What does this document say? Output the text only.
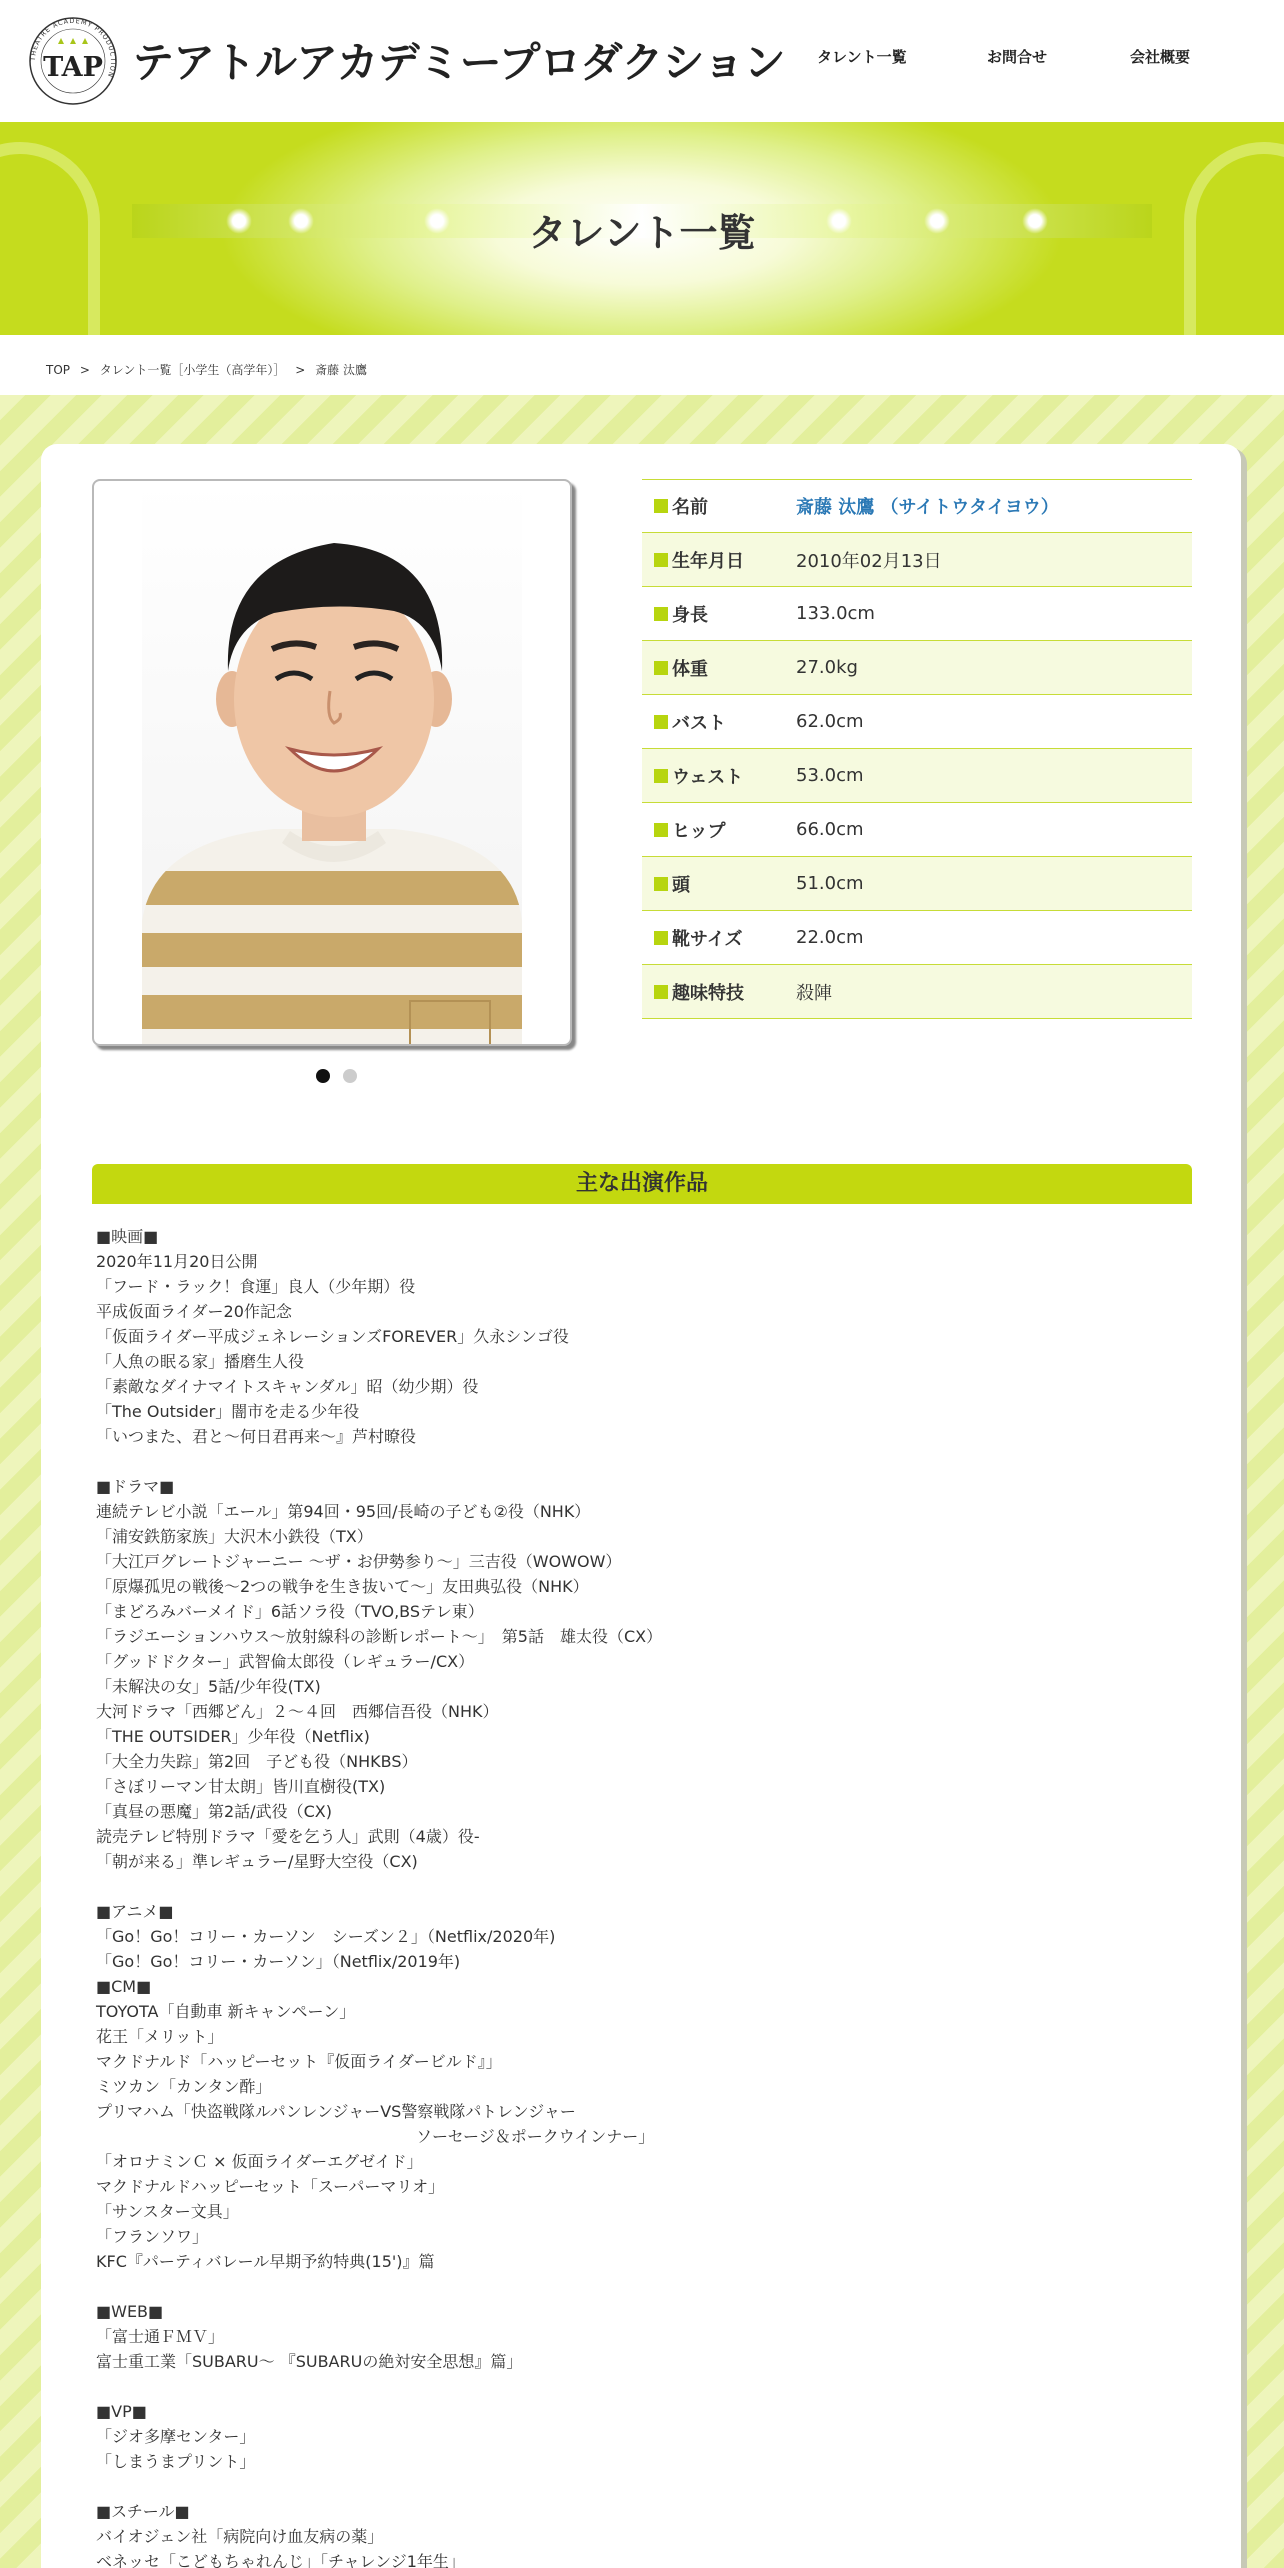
THEATRE ACADEMY PRODUCTION
TAP テアトルアカデミープロダクション タレント一覧	お問合せ	会社概要
タレント一覧
TOP > タレント一覧［小学生（高学年）］ > 斎藤 汰鷹

名前	斎藤 汰鷹 （サイトウタイヨウ）
生年月日	2010年02月13日
身長	133.0cm
体重	27.0kg
バスト	62.0cm
ウェスト	53.0cm
ヒップ	66.0cm
頭	51.0cm
靴サイズ	22.0cm
趣味特技	殺陣
主な出演作品
■映画■
2020年11月20日公開
「フード・ラック！食運」良人（少年期）役
平成仮面ライダー20作記念
「仮面ライダー平成ジェネレーションズFOREVER」久永シンゴ役
「人魚の眠る家」播磨生人役
「素敵なダイナマイトスキャンダル」昭（幼少期）役
「The Outsider」闇市を走る少年役
「いつまた、君と～何日君再来～』芦村暸役
■ドラマ■
連続テレビ小説「エール」第94回・95回/長崎の子ども②役（NHK）
「浦安鉄筋家族」大沢木小鉄役（TX）
「大江戸グレートジャーニー ～ザ・お伊勢参り～」三吉役（WOWOW）
「原爆孤児の戦後～2つの戦争を生き抜いて～」友田典弘役（NHK）
「まどろみバーメイド」6話ソラ役（TVO,BSテレ東）
「ラジエーションハウス～放射線科の診断レポート～」　第5話　雄太役（CX）
「グッドドクター」武智倫太郎役（レギュラー/CX）
「未解決の女」5話/少年役(TX)
大河ドラマ「西郷どん」２～４回　西郷信吾役（NHK）
「THE OUTSIDER」少年役（Netflix)
「大全力失踪」第2回　子ども役（NHKBS）
「さぼリーマン甘太朗」皆川直樹役(TX)
「真昼の悪魔」第2話/武役（CX)
読売テレビ特別ドラマ「愛を乞う人」武則（4歳）役-
「朝が来る」準レギュラー/星野大空役（CX)
■アニメ■
「Go！Go！コリー・カーソン　シーズン２」（Netflix/2020年)
「Go！Go！コリー・カーソン」（Netflix/2019年)
■CM■
TOYOTA「自動車 新キャンペーン」
花王「メリット」
マクドナルド「ハッピーセット『仮面ライダービルド』」
ミツカン「カンタン酢」
プリマハム「快盗戦隊ルパンレンジャーVS警察戦隊パトレンジャー
　　　　　　　　　　　　　　　　　　　　ソーセージ＆ポークウインナー」
「オロナミンＣ × 仮面ライダーエグゼイド」
マクドナルドハッピーセット「スーパーマリオ」
「サンスター文具」
「フランソワ」
KFC『パーティバレール早期予約特典(15')』篇
■WEB■
「富士通ＦＭＶ」
富士重工業「SUBARU～ 『SUBARUの絶対安全思想』篇」
■VP■
「ジオ多摩センター」
「しまうまプリント」
■スチール■
バイオジェン社「病院向け血友病の薬」
ベネッセ「こどもちゃれんじ」「チャレンジ1年生」
